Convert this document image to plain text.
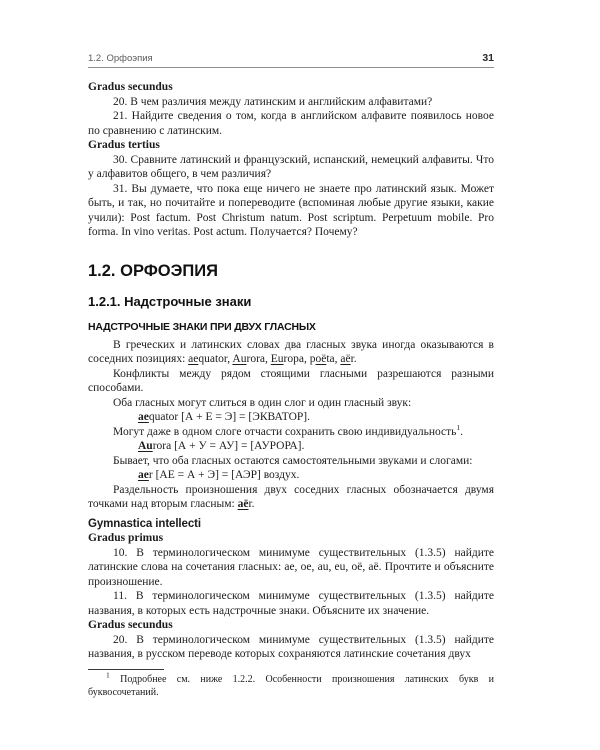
1.2. Орфоэпия	31
Gradus secundus
20. В чем различия между латинским и английским алфавитами?
21. Найдите сведения о том, когда в английском алфавите появилось новое по сравнению с латинским.
Gradus tertius
30. Сравните латинский и французский, испанский, немецкий алфавиты. Что у алфавитов общего, в чем различия?
31. Вы думаете, что пока еще ничего не знаете про латинский язык. Может быть, и так, но почитайте и попереводите (вспоминая любые другие языки, какие учили): Post factum. Post Christum natum. Post scriptum. Perpetuum mobile. Pro forma. In vino veritas. Post actum. Получается? Почему?
1.2. ОРФОЭПИЯ
1.2.1. Надстрочные знаки
НАДСТРОЧНЫЕ ЗНАКИ ПРИ ДВУХ ГЛАСНЫХ
В греческих и латинских словах два гласных звука иногда оказываются в соседних позициях: aequator, Aurora, Europa, poëta, aër.
Конфликты между рядом стоящими гласными разрешаются разными способами.
Оба гласных могут слиться в один слог и один гласный звук:
aequator [А + Е = Э] = [ЭКВАТОР].
Могут даже в одном слоге отчасти сохранить свою индивидуальность$^1$.
Aurora [А + У = АУ] = [АУРОРА].
Бывает, что оба гласных остаются самостоятельными звуками и слогами:
aer [АЕ = А + Э] = [АЭР] воздух.
Раздельность произношения двух соседних гласных обозначается двумя точками над вторым гласным: aër.
Gymnastica intellecti
Gradus primus
10. В терминологическом минимуме существительных (1.3.5) найдите латинские слова на сочетания гласных: ae, oe, au, eu, oë, aë. Прочтите и объясните произношение.
11. В терминологическом минимуме существительных (1.3.5) найдите названия, в которых есть надстрочные знаки. Объясните их значение.
Gradus secundus
20. В терминологическом минимуме существительных (1.3.5) найдите названия, в русском переводе которых сохраняются латинские сочетания двух
$^1$ Подробнее см. ниже 1.2.2. Особенности произношения латинских букв и буквосочетаний.
